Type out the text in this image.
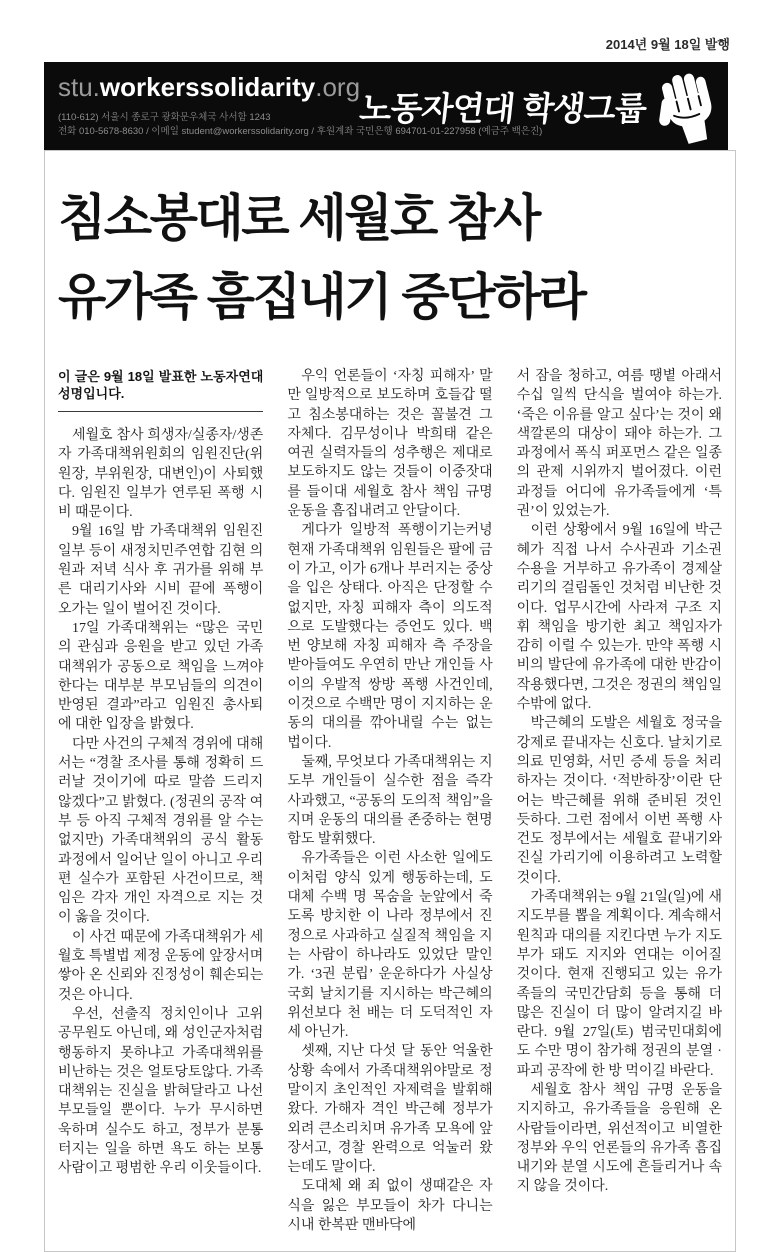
2014년 9월 18일 발행
stu.workerssolidarity.org
(110-612) 서울시 종로구 광화문우체국 사서함 1243
전화 010-5678-8630 / 이메일 student@workerssolidarity.org / 후원계좌 국민은행 694701-01-227958 (예금주 백은진)
노동자연대 학생그룹
침소봉대로 세월호 참사
유가족 흠집내기 중단하라
이 글은 9월 18일 발표한 노동자연대 성명입니다.

세월호 참사 희생자/실종자/생존자 가족대책위원회의 임원진단(위원장, 부위원장, 대변인)이 사퇴했다. 임원진 일부가 연루된 폭행 시비 때문이다.

9월 16일 밤 가족대책위 임원진 일부 등이 새정치민주연합 김현 의원과 저녁 식사 후 귀가를 위해 부른 대리기사와 시비 끝에 폭행이 오가는 일이 벌어진 것이다.

17일 가족대책위는 “많은 국민의 관심과 응원을 받고 있던 가족대책위가 공동으로 책임을 느껴야 한다는 대부분 부모님들의 의견이 반영된 결과”라고 임원진 총사퇴에 대한 입장을 밝혔다.

다만 사건의 구체적 경위에 대해서는 “경찰 조사를 통해 정확히 드러날 것이기에 따로 말씀 드리지 않겠다”고 밝혔다. (정권의 공작 여부 등 아직 구체적 경위를 알 수는 없지만) 가족대책위의 공식 활동 과정에서 일어난 일이 아니고 우리 편 실수가 포함된 사건이므로, 책임은 각자 개인 자격으로 지는 것이 옳을 것이다.

이 사건 때문에 가족대책위가 세월호 특별법 제정 운동에 앞장서며 쌓아 온 신뢰와 진정성이 훼손되는 것은 아니다.

우선, 선출직 정치인이나 고위 공무원도 아닌데, 왜 성인군자처럼 행동하지 못하냐고 가족대책위를 비난하는 것은 얼토당토않다. 가족대책위는 진실을 밝혀달라고 나선 부모들일 뿐이다. 누가 무시하면 욱하며 실수도 하고, 정부가 분통 터지는 일을 하면 욕도 하는 보통 사람이고 평범한 우리 이웃들이다.

우익 언론들이 ‘자칭 피해자’ 말만 일방적으로 보도하며 호들갑 떨고 침소봉대하는 것은 꼴불견 그 자체다. 김무성이나 박희태 같은 여권 실력자들의 성추행은 제대로 보도하지도 않는 것들이 이중잣대를 들이대 세월호 참사 책임 규명 운동을 흠집내려고 안달이다.

게다가 일방적 폭행이기는커녕 현재 가족대책위 임원들은 팔에 금이 가고, 이가 6개나 부러지는 중상을 입은 상태다. 아직은 단정할 수 없지만, 자칭 피해자 측이 의도적으로 도발했다는 증언도 있다. 백 번 양보해 자칭 피해자 측 주장을 받아들여도 우연히 만난 개인들 사이의 우발적 쌍방 폭행 사건인데, 이것으로 수백만 명이 지지하는 운동의 대의를 깎아내릴 수는 없는 법이다.

둘째, 무엇보다 가족대책위는 지도부 개인들이 실수한 점을 즉각 사과했고, “공동의 도의적 책임”을 지며 운동의 대의를 존중하는 현명함도 발휘했다.

유가족들은 이런 사소한 일에도 이처럼 양식 있게 행동하는데, 도대체 수백 명 목숨을 눈앞에서 죽도록 방치한 이 나라 정부에서 진정으로 사과하고 실질적 책임을 지는 사람이 하나라도 있었단 말인가. ‘3권 분립’ 운운하다가 사실상 국회 날치기를 지시하는 박근혜의 위선보다 천 배는 더 도덕적인 자세 아닌가.

셋째, 지난 다섯 달 동안 억울한 상황 속에서 가족대책위야말로 정말이지 초인적인 자제력을 발휘해 왔다. 가해자 격인 박근혜 정부가 외려 큰소리치며 유가족 모욕에 앞장서고, 경찰 완력으로 억눌러 왔는데도 말이다.

도대체 왜 죄 없이 생때같은 자식을 잃은 부모들이 차가 다니는 시내 한복판 맨바닥에

서 잠을 청하고, 여름 땡볕 아래서 수십 일씩 단식을 벌여야 하는가. ‘죽은 이유를 알고 싶다’는 것이 왜 색깔론의 대상이 돼야 하는가. 그 과정에서 폭식 퍼포먼스 같은 일종의 관제 시위까지 벌어졌다. 이런 과정들 어디에 유가족들에게 ‘특권’이 있었는가.

이런 상황에서 9월 16일에 박근혜가 직접 나서 수사권과 기소권 수용을 거부하고 유가족이 경제살리기의 걸림돌인 것처럼 비난한 것이다. 업무시간에 사라져 구조 지휘 책임을 방기한 최고 책임자가 감히 이럴 수 있는가. 만약 폭행 시비의 발단에 유가족에 대한 반감이 작용했다면, 그것은 정권의 책임일 수밖에 없다.

박근혜의 도발은 세월호 정국을 강제로 끝내자는 신호다. 날치기로 의료 민영화, 서민 증세 등을 처리하자는 것이다. ‘적반하장’이란 단어는 박근혜를 위해 준비된 것인 듯하다. 그런 점에서 이번 폭행 사건도 정부에서는 세월호 끝내기와 진실 가리기에 이용하려고 노력할 것이다.

가족대책위는 9월 21일(일)에 새 지도부를 뽑을 계획이다. 계속해서 원칙과 대의를 지킨다면 누가 지도부가 돼도 지지와 연대는 이어질 것이다. 현재 진행되고 있는 유가족들의 국민간담회 등을 통해 더 많은 진실이 더 많이 알려지길 바란다. 9월 27일(토) 범국민대회에도 수만 명이 참가해 정권의 분열 · 파괴 공작에 한 방 먹이길 바란다.

세월호 참사 책임 규명 운동을 지지하고, 유가족들을 응원해 온 사람들이라면, 위선적이고 비열한 정부와 우익 언론들의 유가족 흠집 내기와 분열 시도에 흔들리거나 속지 않을 것이다.
